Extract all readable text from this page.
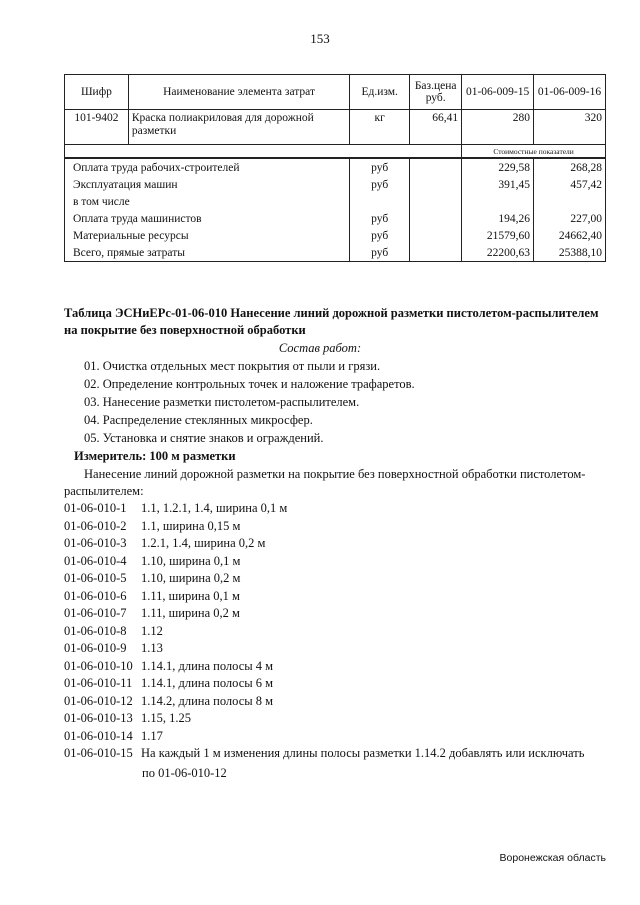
153
Шифр	Наименование элемента затрат	Ед.изм.	Баз.цена руб.	01-06-009-15	01-06-009-16
101-9402	Краска полиакриловая для дорожной разметки	кг	66,41	280	320
				Стоимостные показатели	
Оплата труда рабочих-строителей		руб		229,58	268,28
Эксплуатация машин		руб		391,45	457,42
в том числе					
Оплата труда машинистов		руб		194,26	227,00
Материальные ресурсы		руб		21579,60	24662,40
Всего, прямые затраты		руб		22200,63	25388,10
Таблица ЭСНиЕРс-01-06-010 Нанесение линий дорожной разметки пистолетом-распылителем на покрытие без поверхностной обработки
Состав работ:
01. Очистка отдельных мест покрытия от пыли и грязи.
02. Определение контрольных точек и наложение трафаретов.
03. Нанесение разметки пистолетом-распылителем.
04. Распределение стеклянных микросфер.
05. Установка и снятие знаков и ограждений.
Измеритель: 100 м разметки
Нанесение линий дорожной разметки на покрытие без поверхностной обработки пистолетом-распылителем:
01-06-010-1 1.1, 1.2.1, 1.4, ширина 0,1 м
01-06-010-2 1.1, ширина 0,15 м
01-06-010-3 1.2.1, 1.4, ширина 0,2 м
01-06-010-4 1.10, ширина 0,1 м
01-06-010-5 1.10, ширина 0,2 м
01-06-010-6 1.11, ширина 0,1 м
01-06-010-7 1.11, ширина 0,2 м
01-06-010-8 1.12
01-06-010-9 1.13
01-06-010-10 1.14.1, длина полосы 4 м
01-06-010-11 1.14.1, длина полосы 6 м
01-06-010-12 1.14.2, длина полосы 8 м
01-06-010-13 1.15, 1.25
01-06-010-14 1.17
01-06-010-15 На каждый 1 м изменения длины полосы разметки 1.14.2 добавлять или исключать
по 01-06-010-12
Воронежская область
